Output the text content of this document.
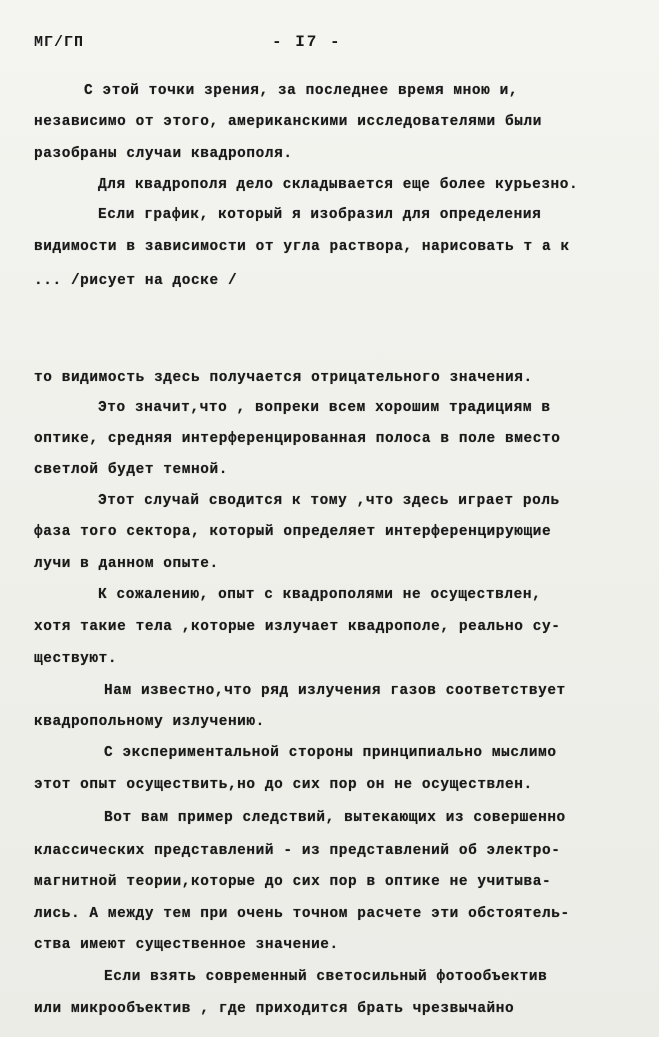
МГ/ГП	- I7 -
С этой точки зрения, за последнее время мною и,
независимо от этого, американскими исследователями были
разобраны случаи квадрополя.
Для квадрополя дело складывается еще более курьезно.
Если график, который я изобразил для определения
видимости в зависимости от угла раствора, нарисовать т а к
... /рисует на доске /
то видимость здесь получается отрицательного значения.
Это значит,что , вопреки всем хорошим традициям в
оптике, средняя интерференцированная полоса в поле вместо
светлой будет темной.
Этот случай сводится к тому ,что здесь играет роль
фаза того сектора, который определяет интерференцирующие
лучи в данном опыте.
К сожалению, опыт с квадрополями не осуществлен,
хотя такие тела ,которые излучает квадрополе, реально су-
ществуют.
Нам известно,что ряд излучения газов соответствует
квадропольному излучению.
С экспериментальной стороны принципиально мыслимо
этот опыт осуществить,но до сих пор он не осуществлен.
Вот вам пример следствий, вытекающих из совершенно
классических представлений - из представлений об электро-
магнитной теории,которые до сих пор в оптике не учитыва-
лись. А между тем при очень точном расчете эти обстоятель-
ства имеют существенное значение.
Если взять современный светосильный фотообъектив
или микрообъектив , где приходится брать чрезвычайно
